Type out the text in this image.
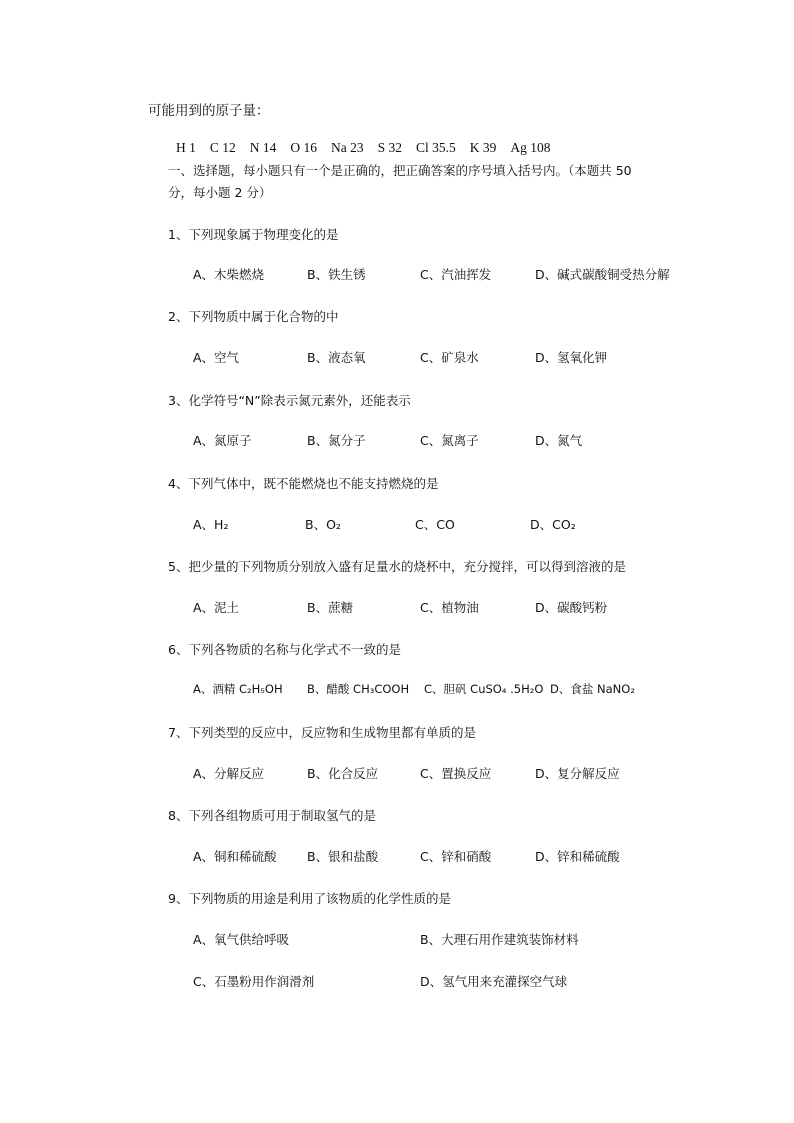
可能用到的原子量：
H 1 C 12 N 14 O 16 Na 23 S 32 Cl 35.5 K 39 Ag 108
一、选择题，每小题只有一个是正确的，把正确答案的序号填入括号内。（本题共 50
分，每小题 2 分）
1、下列现象属于物理变化的是
A、木柴燃烧	B、铁生锈	C、汽油挥发	D、碱式碳酸铜受热分解
2、下列物质中属于化合物的中
A、空气	B、液态氧	C、矿泉水	D、氢氧化钾
3、化学符号“N”除表示氮元素外，还能表示
A、氮原子	B、氮分子	C、氮离子	D、氮气
4、下列气体中，既不能燃烧也不能支持燃烧的是
A、H₂	B、O₂	C、CO	D、CO₂
5、把少量的下列物质分别放入盛有足量水的烧杯中，充分搅拌，可以得到溶液的是
A、泥土	B、蔗糖	C、植物油	D、碳酸钙粉
6、下列各物质的名称与化学式不一致的是
A、酒精 C₂H₅OH B、醋酸 CH₃COOH C、胆矾 CuSO₄ .5H₂O D、食盐 NaNO₂
7、下列类型的反应中，反应物和生成物里都有单质的是
A、分解反应	B、化合反应	C、置换反应	D、复分解反应
8、下列各组物质可用于制取氢气的是
A、铜和稀硫酸 B、银和盐酸	C、锌和硝酸	D、锌和稀硫酸
9、下列物质的用途是利用了该物质的化学性质的是
A、氧气供给呼吸	B、大理石用作建筑装饰材料
C、石墨粉用作润滑剂	D、氢气用来充灌探空气球
